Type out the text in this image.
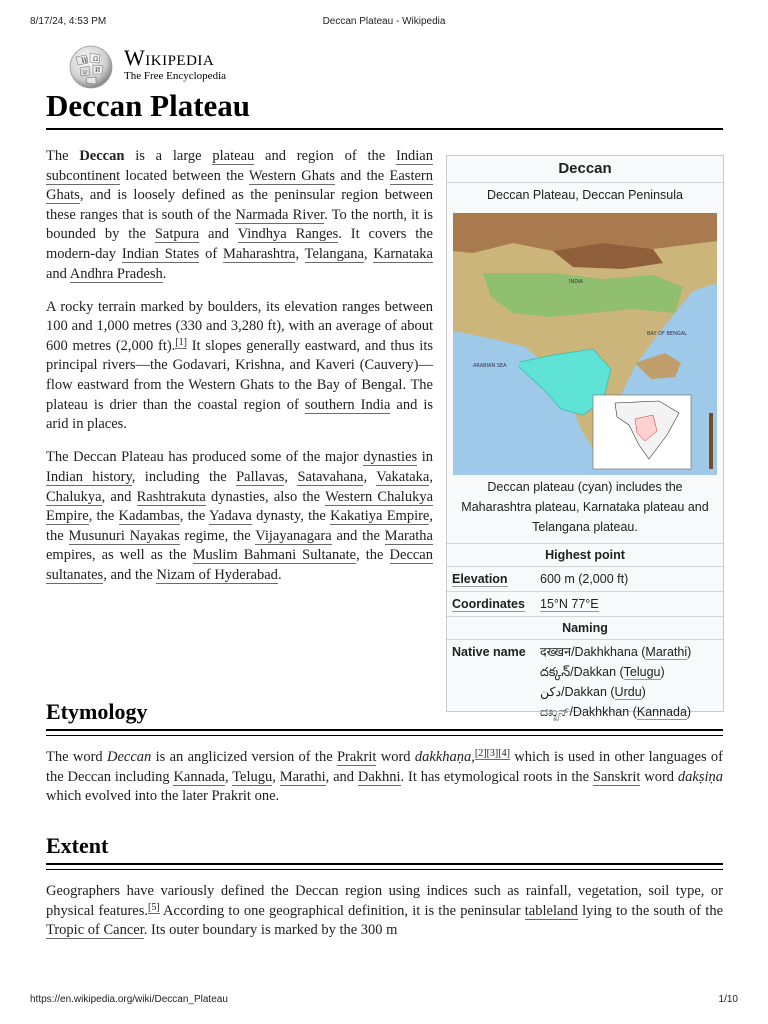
8/17/24, 4:53 PM	Deccan Plateau - Wikipedia
W Ω
И
ש
Wikipedia
The Free Encyclopedia
Deccan Plateau

The Deccan is a large plateau and region of the Indian subcontinent located between the Western Ghats and the Eastern Ghats, and is loosely defined as the peninsular region between these ranges that is south of the Narmada River. To the north, it is bounded by the Satpura and Vindhya Ranges. It covers the modern-day Indian States of Maharashtra, Telangana, Karnataka and Andhra Pradesh.

A rocky terrain marked by boulders, its elevation ranges between 100 and 1,000 metres (330 and 3,280 ft), with an average of about 600 metres (2,000 ft).[1] It slopes generally eastward, and thus its principal rivers—the Godavari, Krishna, and Kaveri (Cauvery)—flow eastward from the Western Ghats to the Bay of Bengal. The plateau is drier than the coastal region of southern India and is arid in places.

The Deccan Plateau has produced some of the major dynasties in Indian history, including the Pallavas, Satavahana, Vakataka, Chalukya, and Rashtrakuta dynasties, also the Western Chalukya Empire, the Kadambas, the Yadava dynasty, the Kakatiya Empire, the Musunuri Nayakas regime, the Vijayanagara and the Maratha empires, as well as the Muslim Bahmani Sultanate, the Deccan sultanates, and the Nizam of Hyderabad.

Deccan
Deccan Plateau, Deccan Peninsula
ARABIAN SEA
BAY OF BENGAL
INDIA
Deccan plateau (cyan) includes the Maharashtra plateau, Karnataka plateau and Telangana plateau.
Highest point
Elevation	600 m (2,000 ft)
Coordinates	15°N 77°E
Naming
Native name	दख्खन/Dakhkhana (Marathi)
దక్కన్/Dakkan (Telugu)
دکن/Dakkan (Urdu)
ದಖ್ಖನ್/Dakhkhan (Kannada)
Etymology

The word Deccan is an anglicized version of the Prakrit word dakkhaṇa,[2][3][4] which is used in other languages of the Deccan including Kannada, Telugu, Marathi, and Dakhni. It has etymological roots in the Sanskrit word dakṣiṇa which evolved into the later Prakrit one.

Extent

Geographers have variously defined the Deccan region using indices such as rainfall, vegetation, soil type, or physical features.[5] According to one geographical definition, it is the peninsular tableland lying to the south of the Tropic of Cancer. Its outer boundary is marked by the 300 m

https://en.wikipedia.org/wiki/Deccan_Plateau	1/10
